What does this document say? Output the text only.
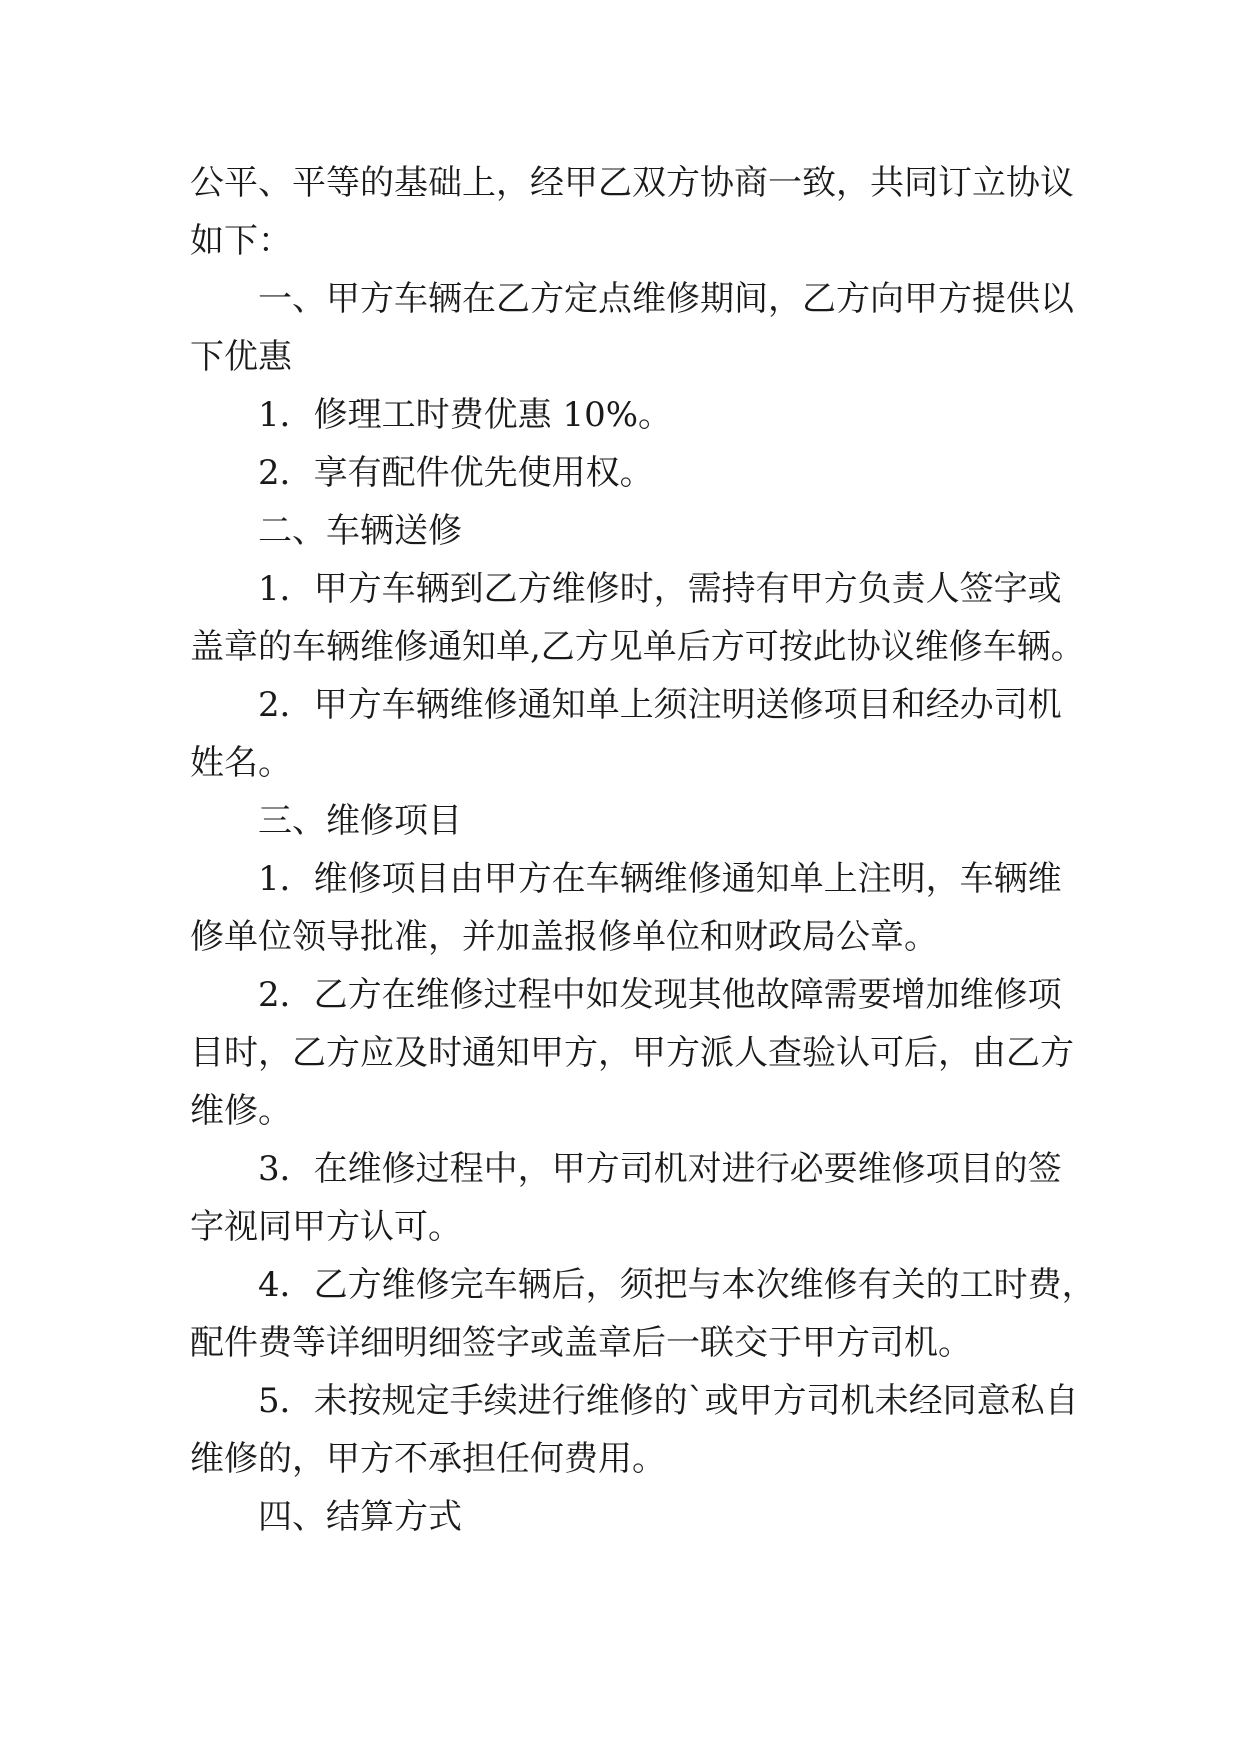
公平、平等的基础上，经甲乙双方协商一致，共同订立协议
如下：
一、甲方车辆在乙方定点维修期间，乙方向甲方提供以
下优惠
1．修理工时费优惠 10%。
2．享有配件优先使用权。
二、车辆送修
1．甲方车辆到乙方维修时，需持有甲方负责人签字或
盖章的车辆维修通知单,乙方见单后方可按此协议维修车辆。
2．甲方车辆维修通知单上须注明送修项目和经办司机
姓名。
三、维修项目
1．维修项目由甲方在车辆维修通知单上注明，车辆维
修单位领导批准，并加盖报修单位和财政局公章。
2．乙方在维修过程中如发现其他故障需要增加维修项
目时，乙方应及时通知甲方，甲方派人查验认可后，由乙方
维修。
3．在维修过程中，甲方司机对进行必要维修项目的签
字视同甲方认可。
4．乙方维修完车辆后，须把与本次维修有关的工时费，
配件费等详细明细签字或盖章后一联交于甲方司机。
5．未按规定手续进行维修的`或甲方司机未经同意私自
维修的，甲方不承担任何费用。
四、结算方式
